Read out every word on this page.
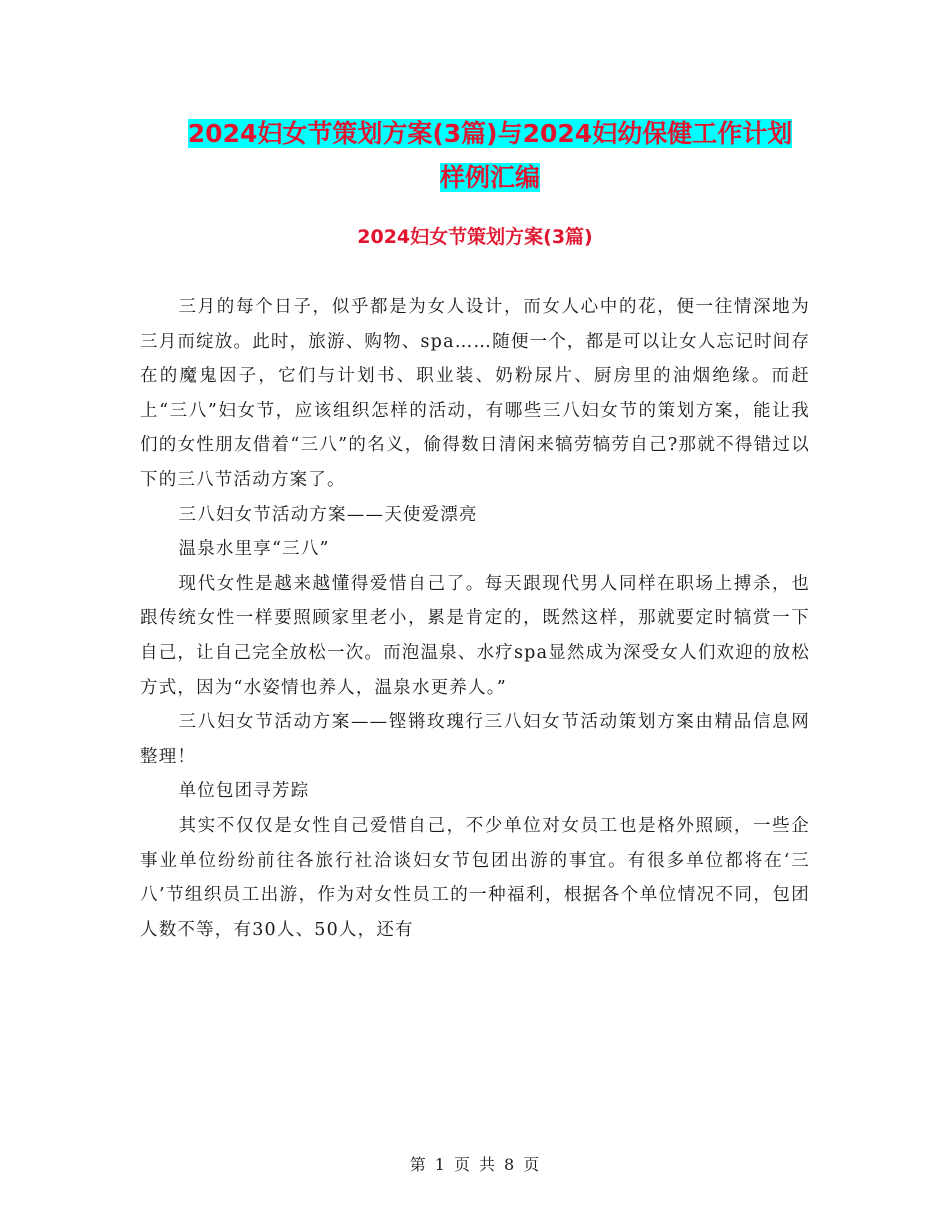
2024妇女节策划方案(3篇)与2024妇幼保健工作计划
样例汇编
2024妇女节策划方案(3篇)

三月的每个日子，似乎都是为女人设计，而女人心中的花，便一往情深地为三月而绽放。此时，旅游、购物、spa……随便一个，都是可以让女人忘记时间存在的魔鬼因子，它们与计划书、职业装、奶粉尿片、厨房里的油烟绝缘。而赶上“三八”妇女节，应该组织怎样的活动，有哪些三八妇女节的策划方案，能让我们的女性朋友借着“三八”的名义，偷得数日清闲来犒劳犒劳自己?那就不得错过以下的三八节活动方案了。

三八妇女节活动方案——天使爱漂亮

温泉水里享“三八”

现代女性是越来越懂得爱惜自己了。每天跟现代男人同样在职场上搏杀，也跟传统女性一样要照顾家里老小，累是肯定的，既然这样，那就要定时犒赏一下自己，让自己完全放松一次。而泡温泉、水疗spa显然成为深受女人们欢迎的放松方式，因为“水姿情也养人，温泉水更养人。”

三八妇女节活动方案——铿锵玫瑰行三八妇女节活动策划方案由精品信息网整理！

单位包团寻芳踪

其实不仅仅是女性自己爱惜自己，不少单位对女员工也是格外照顾，一些企事业单位纷纷前往各旅行社洽谈妇女节包团出游的事宜。有很多单位都将在‘三八’节组织员工出游，作为对女性员工的一种福利，根据各个单位情况不同，包团人数不等，有30人、50人，还有

第 1 页 共 8 页
